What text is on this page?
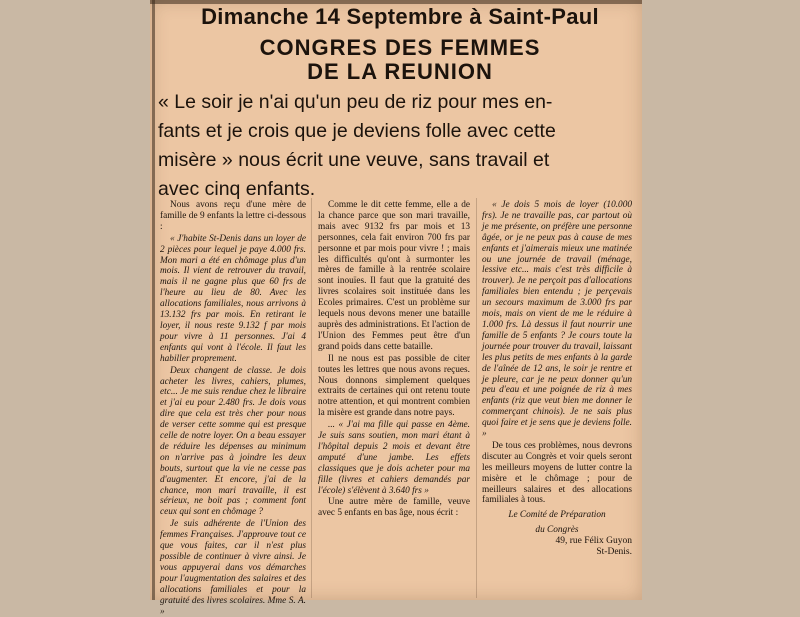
Dimanche 14 Septembre à Saint-Paul
CONGRES DES FEMMES
DE LA REUNION
« Le soir je n'ai qu'un peu de riz pour mes en-
fants et je crois que je deviens folle avec cette
misère » nous écrit une veuve, sans travail et
avec cinq enfants.

Nous avons reçu d'une mère de famille de 9 enfants la lettre ci-dessous :

« J'habite St-Denis dans un loyer de 2 pièces pour lequel je paye 4.000 frs. Mon mari a été en chômage plus d'un mois. Il vient de retrouver du travail, mais il ne gagne plus que 60 frs de l'heure au lieu de 80. Avec les allocations familiales, nous arrivons à 13.132 frs par mois. En retirant le loyer, il nous reste 9.132 f par mois pour vivre à 11 personnes. J'ai 4 enfants qui vont à l'école. Il faut les habiller proprement.

Deux changent de classe. Je dois acheter les livres, cahiers, plumes, etc... Je me suis rendue chez le libraire et j'ai eu pour 2.480 frs. Je dois vous dire que cela est très cher pour nous de verser cette somme qui est presque celle de notre loyer. On a beau essayer de réduire les dépenses au minimum on n'arrive pas à joindre les deux bouts, surtout que la vie ne cesse pas d'augmenter. Et encore, j'ai de la chance, mon mari travaille, il est sérieux, ne boit pas ; comment font ceux qui sont en chômage ?

Je suis adhérente de l'Union des femmes Françaises. J'approuve tout ce que vous faites, car il n'est plus possible de continuer à vivre ainsi. Je vous appuyerai dans vos démarches pour l'augmentation des salaires et des allocations familiales et pour la gratuité des livres scolaires. Mme S. A. »

Comme le dit cette femme, elle a de la chance parce que son mari travaille, mais avec 9132 frs par mois et 13 personnes, cela fait environ 700 frs par personne et par mois pour vivre ! ; mais les difficultés qu'ont à surmonter les mères de famille à la rentrée scolaire sont inouïes. Il faut que la gratuité des livres scolaires soit instituée dans les Ecoles primaires. C'est un problème sur lequels nous devons mener une bataille auprès des administrations. Et l'action de l'Union des Femmes peut être d'un grand poids dans cette bataille.

Il ne nous est pas possible de citer toutes les lettres que nous avons reçues. Nous donnons simplement quelques extraits de certaines qui ont retenu toute notre attention, et qui montrent combien la misère est grande dans notre pays.

... « J'ai ma fille qui passe en 4ème. Je suis sans soutien, mon mari étant à l'hôpital depuis 2 mois et devant être amputé d'une jambe. Les effets classiques que je dois acheter pour ma fille (livres et cahiers demandés par l'école) s'élèvent à 3.640 frs »

Une autre mère de famille, veuve avec 5 enfants en bas âge, nous écrit :

« Je dois 5 mois de loyer (10.000 frs). Je ne travaille pas, car partout où je me présente, on préfère une personne âgée, or je ne peux pas à cause de mes enfants et j'aimerais mieux une matinée ou une journée de travail (ménage, lessive etc... mais c'est très difficile à trouver). Je ne perçoit pas d'allocations familiales bien entendu ; je perçevais un secours maximum de 3.000 frs par mois, mais on vient de me le réduire à 1.000 frs. Là dessus il faut nourrir une famille de 5 enfants ? Je cours toute la journée pour trouver du travail, laissant les plus petits de mes enfants à la garde de l'aînée de 12 ans, le soir je rentre et je pleure, car je ne peux donner qu'un peu d'eau et une poignée de riz à mes enfants (riz que veut bien me donner le commerçant chinois). Je ne sais plus quoi faire et je sens que je deviens folle. »

De tous ces problèmes, nous devrons discuter au Congrès et voir quels seront les meilleurs moyens de lutter contre la misère et le chômage ; pour de meilleurs salaires et des allocations familiales à tous.

Le Comité de Préparation
du Congrès
49, rue Félix Guyon
St-Denis.
